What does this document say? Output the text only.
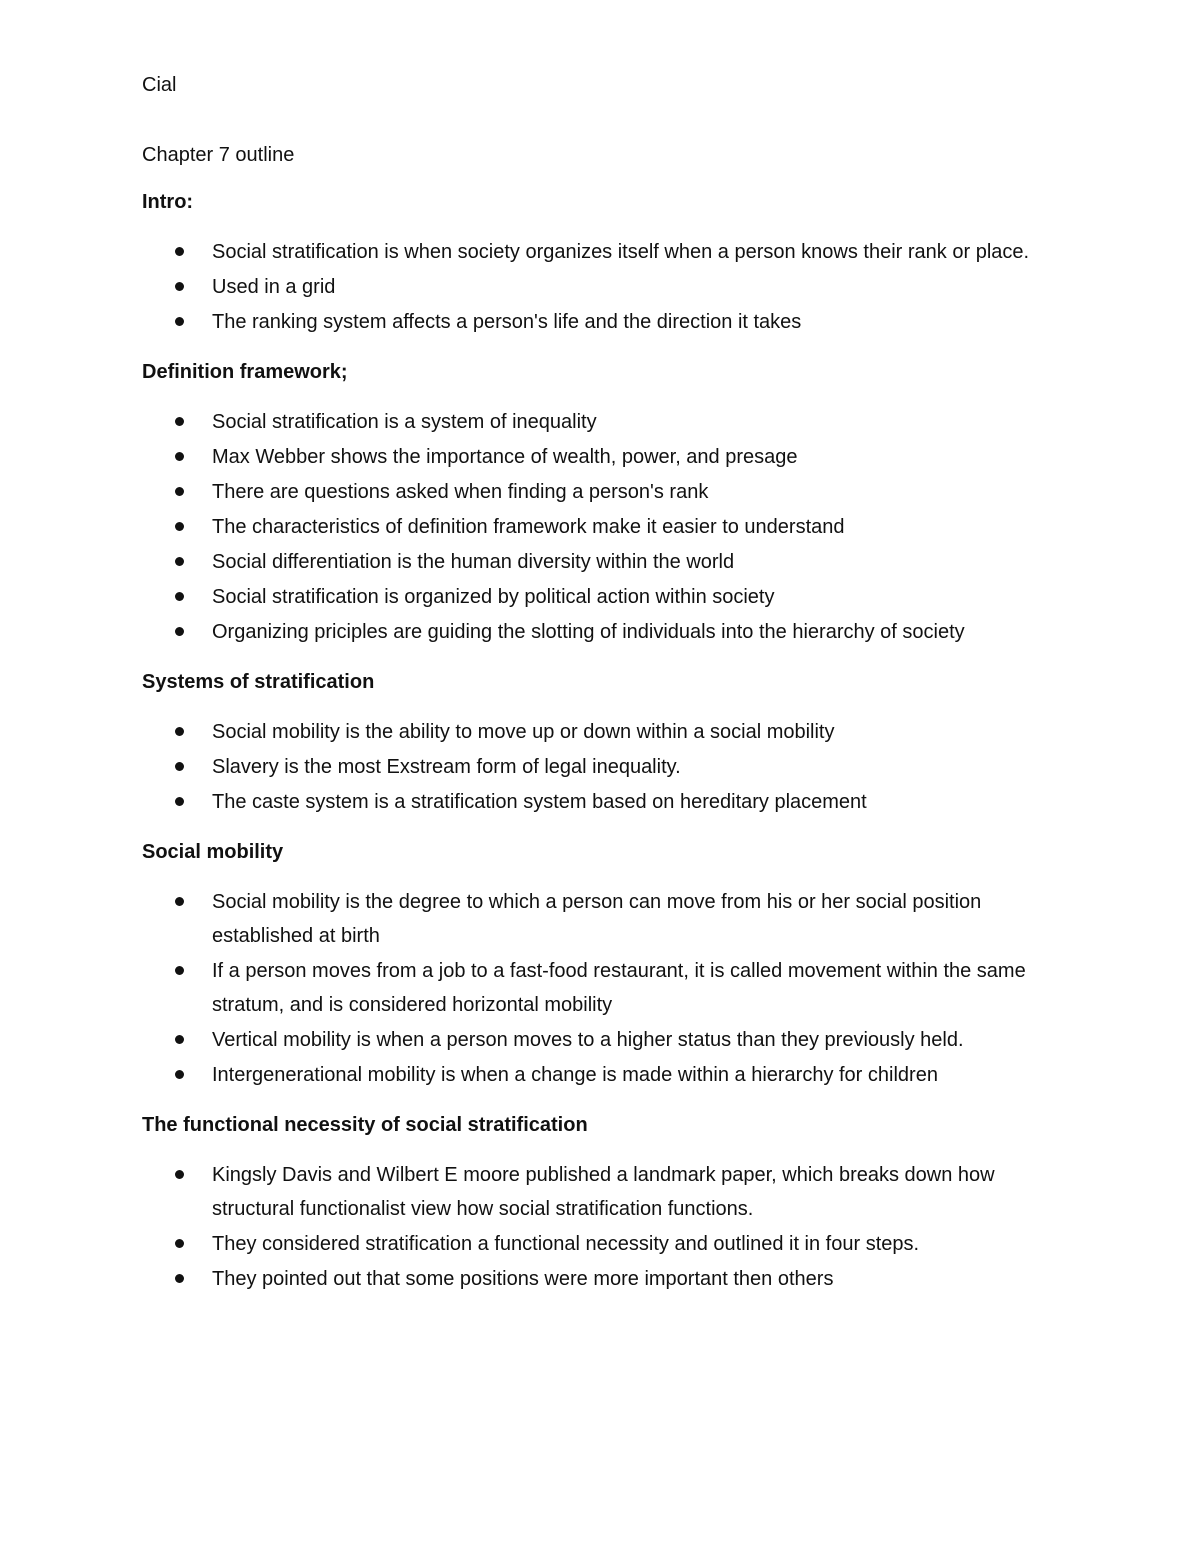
Cial

Chapter 7 outline

Intro:

Social stratification is when society organizes itself when a person knows their rank or place.
Used in a grid
The ranking system affects a person's life and the direction it takes

Definition framework;

Social stratification is a system of inequality
Max Webber shows the importance of wealth, power, and presage
There are questions asked when finding a person's rank
The characteristics of definition framework make it easier to understand
Social differentiation is the human diversity within the world
Social stratification is organized by political action within society
Organizing priciples are guiding the slotting of individuals into the hierarchy of society

Systems of stratification

Social mobility is the ability to move up or down within a social mobility
Slavery is the most Exstream form of legal inequality.
The caste system is a stratification system based on hereditary placement

Social mobility

Social mobility is the degree to which a person can move from his or her social position established at birth
If a person moves from a job to a fast-food restaurant, it is called movement within the same stratum, and is considered horizontal mobility
Vertical mobility is when a person moves to a higher status than they previously held.
Intergenerational mobility is when a change is made within a hierarchy for children

The functional necessity of social stratification

Kingsly Davis and Wilbert E moore published a landmark paper, which breaks down how structural functionalist view how social stratification functions.
They considered stratification a functional necessity and outlined it in four steps.
They pointed out that some positions were more important then others
